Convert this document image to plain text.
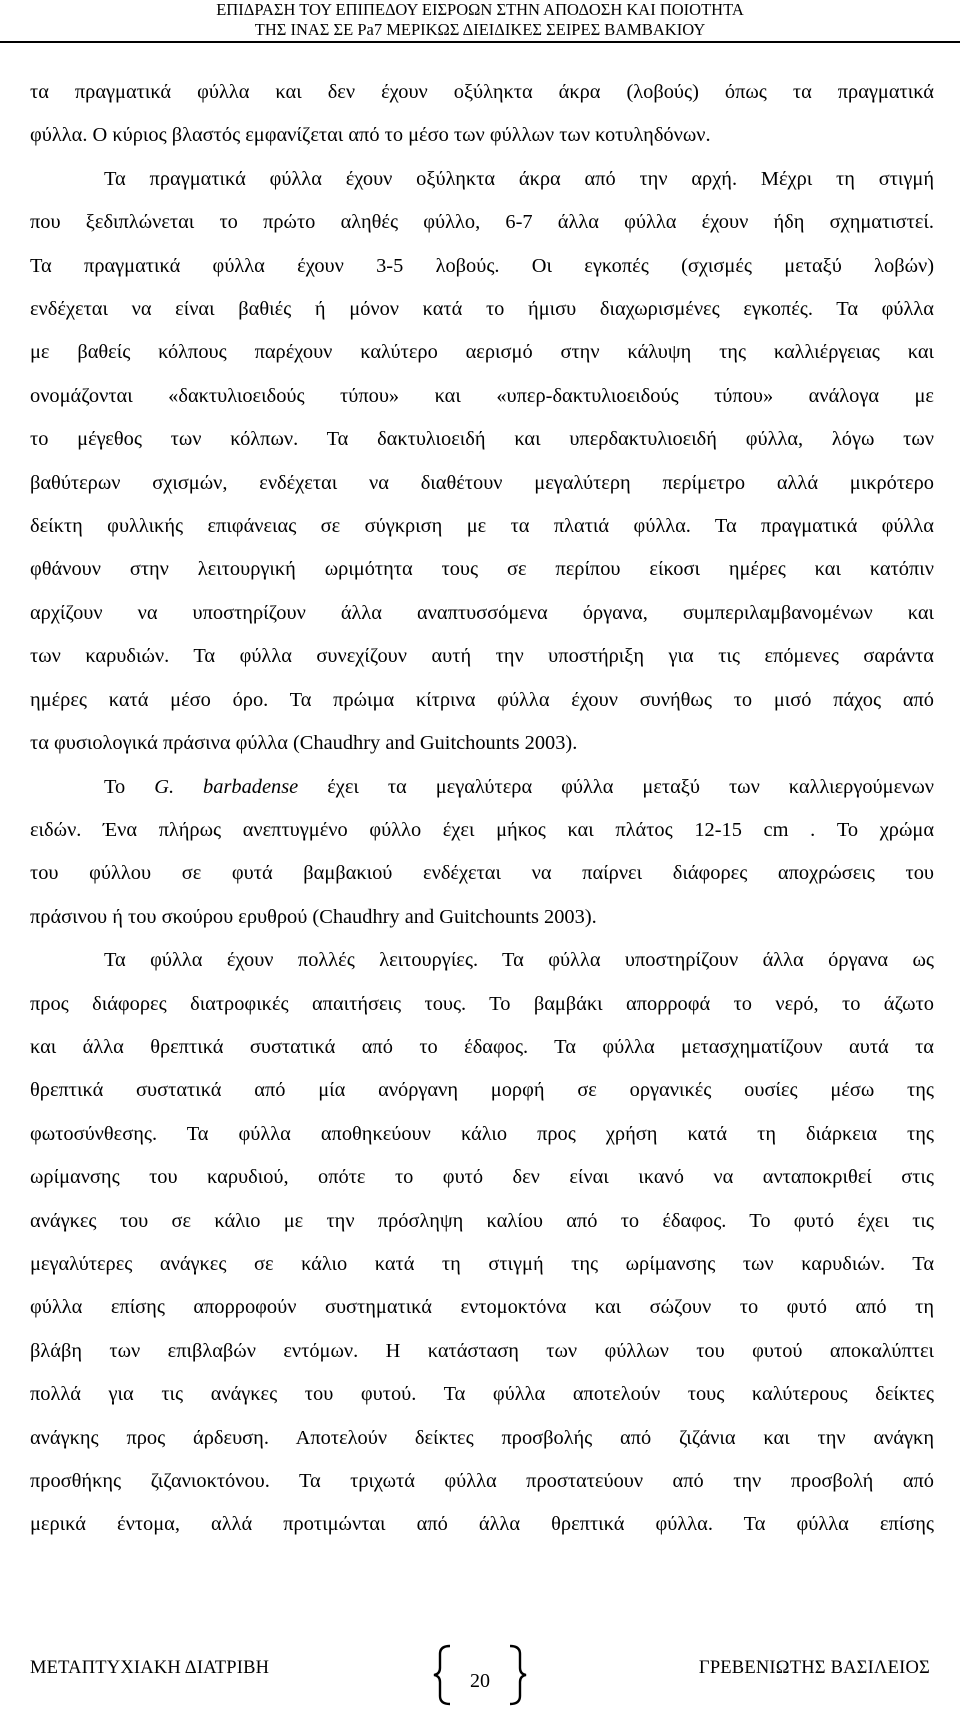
ΕΠΙΔΡΑΣΗ ΤΟΥ ΕΠΙΠΕΔΟΥ ΕΙΣΡΟΩΝ ΣΤΗΝ ΑΠΟΔΟΣΗ ΚΑΙ ΠΟΙΟΤΗΤΑ
ΤΗΣ ΙΝΑΣ ΣΕ Pa7 ΜΕΡΙΚΩΣ ΔΙΕΙΔΙΚΕΣ ΣΕΙΡΕΣ ΒΑΜΒΑΚΙΟΥ

τα πραγματικά φύλλα και δεν έχουν οξύληκτα άκρα (λοβούς) όπως τα πραγματικά
φύλλα. Ο κύριος βλαστός εμφανίζεται από το μέσο των φύλλων των κοτυληδόνων.

Τα πραγματικά φύλλα έχουν οξύληκτα άκρα από την αρχή. Μέχρι τη στιγμή
που ξεδιπλώνεται το πρώτο αληθές φύλλο, 6-7 άλλα φύλλα έχουν ήδη σχηματιστεί.
Τα πραγματικά φύλλα έχουν 3-5 λοβούς. Οι εγκοπές (σχισμές μεταξύ λοβών)
ενδέχεται να είναι βαθιές ή μόνον κατά το ήμισυ διαχωρισμένες εγκοπές. Τα φύλλα
με βαθείς κόλπους παρέχουν καλύτερο αερισμό στην κάλυψη της καλλιέργειας και
ονομάζονται «δακτυλιοειδούς τύπου» και «υπερ-δακτυλιοειδούς τύπου» ανάλογα με
το μέγεθος των κόλπων. Τα δακτυλιοειδή και υπερδακτυλιοειδή φύλλα, λόγω των
βαθύτερων σχισμών, ενδέχεται να διαθέτουν μεγαλύτερη περίμετρο αλλά μικρότερο
δείκτη φυλλικής επιφάνειας σε σύγκριση με τα πλατιά φύλλα. Τα πραγματικά φύλλα
φθάνουν στην λειτουργική ωριμότητα τους σε περίπου είκοσι ημέρες και κατόπιν
αρχίζουν να υποστηρίζουν άλλα αναπτυσσόμενα όργανα, συμπεριλαμβανομένων και
των καρυδιών. Τα φύλλα συνεχίζουν αυτή την υποστήριξη για τις επόμενες σαράντα
ημέρες κατά μέσο όρο. Τα πρώιμα κίτρινα φύλλα έχουν συνήθως το μισό πάχος από
τα φυσιολογικά πράσινα φύλλα (Chaudhry and Guitchounts 2003).

Το G. barbadense έχει τα μεγαλύτερα φύλλα μεταξύ των καλλιεργούμενων
ειδών. Ένα πλήρως ανεπτυγμένο φύλλο έχει μήκος και πλάτος 12-15 cm . Το χρώμα
του φύλλου σε φυτά βαμβακιού ενδέχεται να παίρνει διάφορες αποχρώσεις του
πράσινου ή του σκούρου ερυθρού (Chaudhry and Guitchounts 2003).

Τα φύλλα έχουν πολλές λειτουργίες. Τα φύλλα υποστηρίζουν άλλα όργανα ως
προς διάφορες διατροφικές απαιτήσεις τους. Το βαμβάκι απορροφά το νερό, το άζωτο
και άλλα θρεπτικά συστατικά από το έδαφος. Τα φύλλα μετασχηματίζουν αυτά τα
θρεπτικά συστατικά από μία ανόργανη μορφή σε οργανικές ουσίες μέσω της
φωτοσύνθεσης. Τα φύλλα αποθηκεύουν κάλιο προς χρήση κατά τη διάρκεια της
ωρίμανσης του καρυδιού, οπότε το φυτό δεν είναι ικανό να ανταποκριθεί στις
ανάγκες του σε κάλιο με την πρόσληψη καλίου από το έδαφος. Το φυτό έχει τις
μεγαλύτερες ανάγκες σε κάλιο κατά τη στιγμή της ωρίμανσης των καρυδιών. Τα
φύλλα επίσης απορροφούν συστηματικά εντομοκτόνα και σώζουν το φυτό από τη
βλάβη των επιβλαβών εντόμων. Η κατάσταση των φύλλων του φυτού αποκαλύπτει
πολλά για τις ανάγκες του φυτού. Τα φύλλα αποτελούν τους καλύτερους δείκτες
ανάγκης προς άρδευση. Αποτελούν δείκτες προσβολής από ζιζάνια και την ανάγκη
προσθήκης ζιζανιοκτόνου. Τα τριχωτά φύλλα προστατεύουν από την προσβολή από
μερικά έντομα, αλλά προτιμώνται από άλλα θρεπτικά φύλλα. Τα φύλλα επίσης

ΜΕΤΑΠΤΥΧΙΑΚΗ ΔΙΑΤΡΙΒΗ
20
ΓΡΕΒΕΝΙΩΤΗΣ ΒΑΣΙΛΕΙΟΣ
